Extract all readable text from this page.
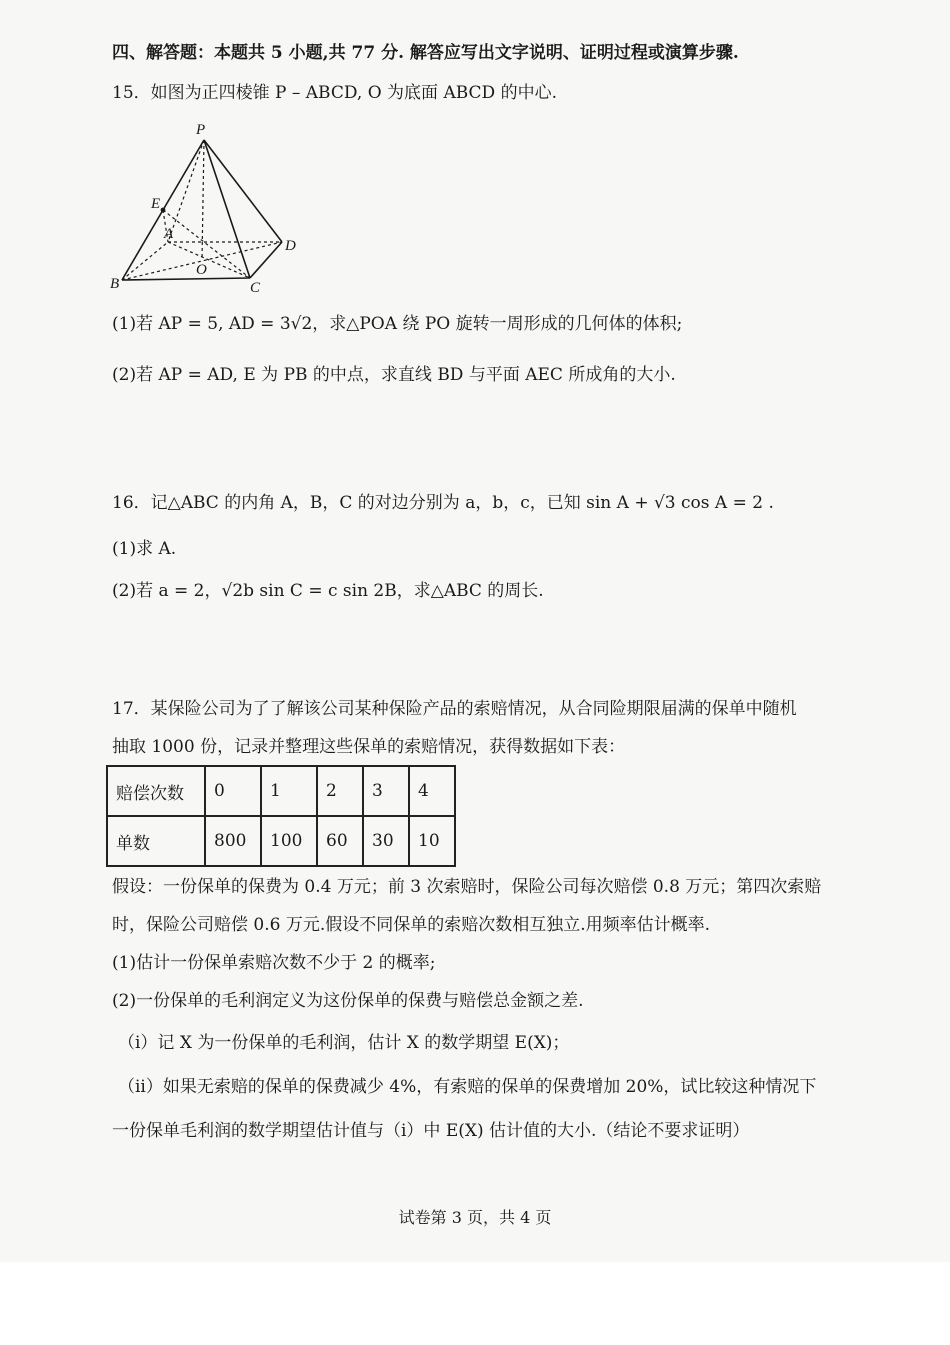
四、解答题：本题共 5 小题,共 77 分. 解答应写出文字说明、证明过程或演算步骤.
15．如图为正四棱锥 P – ABCD, O 为底面 ABCD 的中心.
P
E
A
D
O
B	C
(1)若 AP = 5, AD = 3√2，求△POA 绕 PO 旋转一周形成的几何体的体积;
(2)若 AP = AD, E 为 PB 的中点，求直线 BD 与平面 AEC 所成角的大小.
16．记△ABC 的内角 A，B，C 的对边分别为 a，b，c，已知 sin A + √3 cos A = 2 .
(1)求 A.
(2)若 a = 2，√2b sin C = c sin 2B，求△ABC 的周长.
17．某保险公司为了了解该公司某种保险产品的索赔情况，从合同险期限届满的保单中随机
抽取 1000 份，记录并整理这些保单的索赔情况，获得数据如下表：
赔偿次数	0	1	2	3	4
单数	800	100	60	30	10
假设：一份保单的保费为 0.4 万元；前 3 次索赔时，保险公司每次赔偿 0.8 万元；第四次索赔
时，保险公司赔偿 0.6 万元.假设不同保单的索赔次数相互独立.用频率估计概率.
(1)估计一份保单索赔次数不少于 2 的概率;
(2)一份保单的毛利润定义为这份保单的保费与赔偿总金额之差.
（i）记 X 为一份保单的毛利润，估计 X 的数学期望 E(X)；
（ii）如果无索赔的保单的保费减少 4%，有索赔的保单的保费增加 20%，试比较这种情况下
一份保单毛利润的数学期望估计值与（i）中 E(X) 估计值的大小.（结论不要求证明）
试卷第 3 页，共 4 页
